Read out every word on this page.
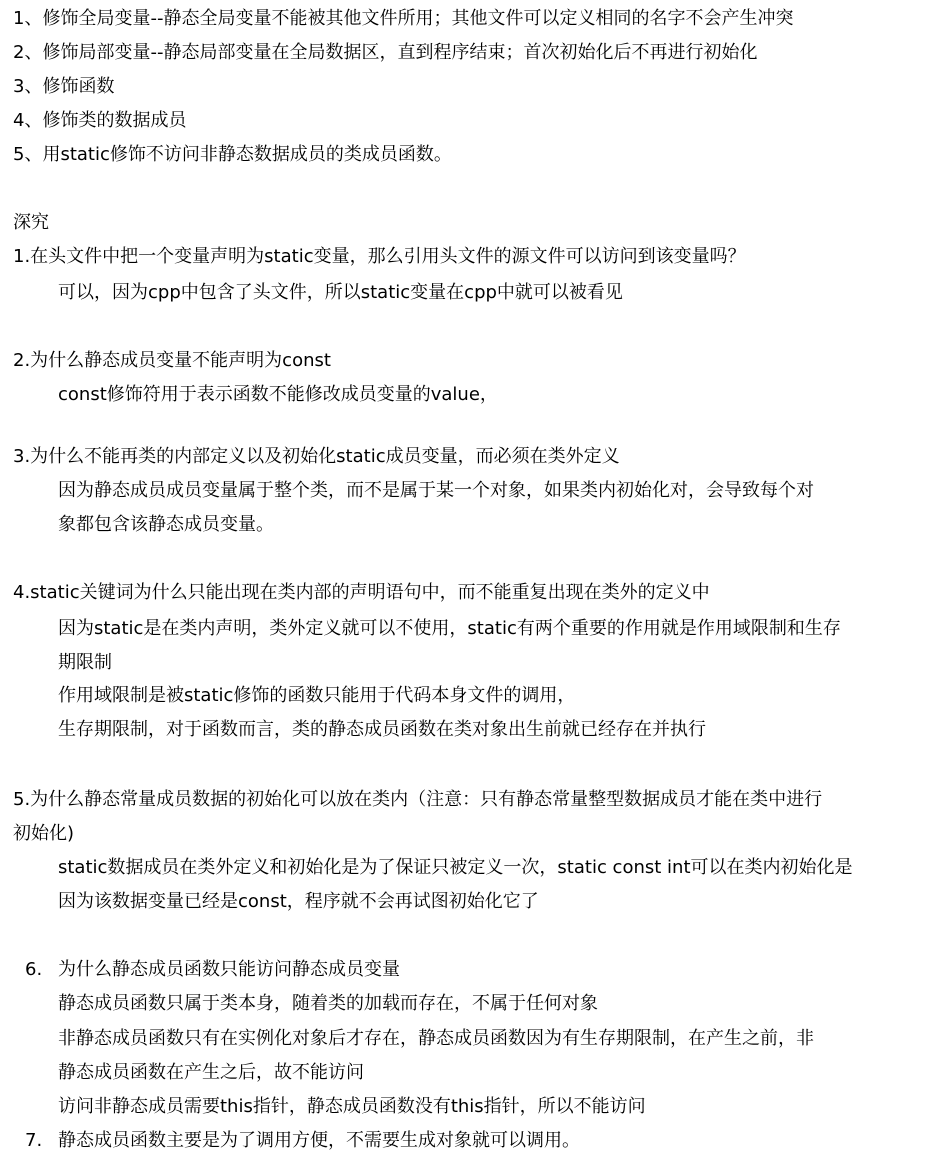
1、修饰全局变量--静态全局变量不能被其他文件所用；其他文件可以定义相同的名字不会产生冲突
2、修饰局部变量--静态局部变量在全局数据区，直到程序结束；首次初始化后不再进行初始化
3、修饰函数
4、修饰类的数据成员
5、用static修饰不访问非静态数据成员的类成员函数。
深究
1.在头文件中把一个变量声明为static变量，那么引用头文件的源文件可以访问到该变量吗？
可以，因为cpp中包含了头文件，所以static变量在cpp中就可以被看见
2.为什么静态成员变量不能声明为const
const修饰符用于表示函数不能修改成员变量的value，
3.为什么不能再类的内部定义以及初始化static成员变量，而必须在类外定义
因为静态成员成员变量属于整个类，而不是属于某一个对象，如果类内初始化对，会导致每个对
象都包含该静态成员变量。
4.static关键词为什么只能出现在类内部的声明语句中，而不能重复出现在类外的定义中
因为static是在类内声明，类外定义就可以不使用，static有两个重要的作用就是作用域限制和生存
期限制
作用域限制是被static修饰的函数只能用于代码本身文件的调用，
生存期限制，对于函数而言，类的静态成员函数在类对象出生前就已经存在并执行
5.为什么静态常量成员数据的初始化可以放在类内（注意：只有静态常量整型数据成员才能在类中进行
初始化)
static数据成员在类外定义和初始化是为了保证只被定义一次，static const int可以在类内初始化是
因为该数据变量已经是const，程序就不会再试图初始化它了
6. 为什么静态成员函数只能访问静态成员变量
静态成员函数只属于类本身，随着类的加载而存在，不属于任何对象
非静态成员函数只有在实例化对象后才存在，静态成员函数因为有生存期限制，在产生之前，非
静态成员函数在产生之后，故不能访问
访问非静态成员需要this指针，静态成员函数没有this指针，所以不能访问
7. 静态成员函数主要是为了调用方便，不需要生成对象就可以调用。
